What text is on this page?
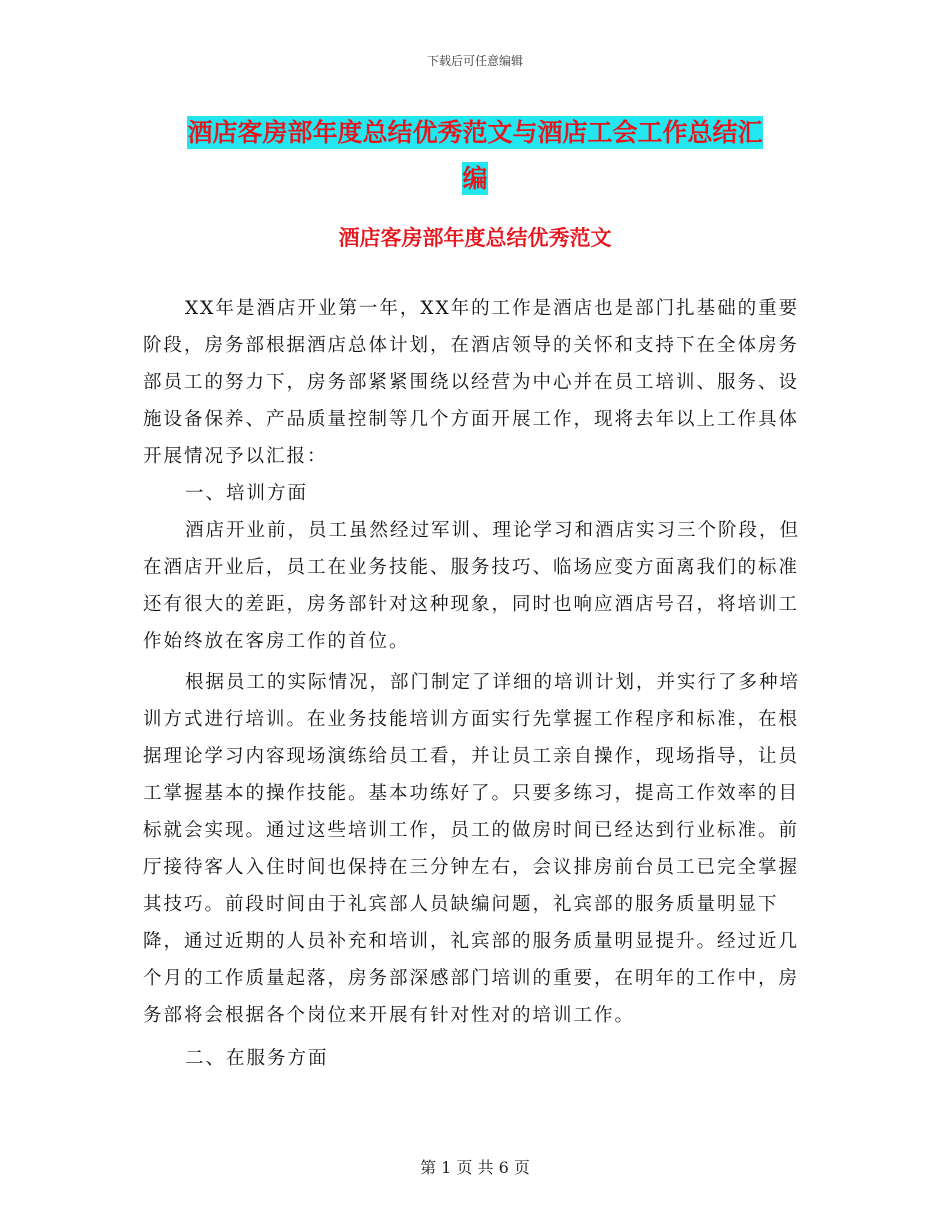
下载后可任意编辑
酒店客房部年度总结优秀范文与酒店工会工作总结汇
编
酒店客房部年度总结优秀范文

XX年是酒店开业第一年，XX年的工作是酒店也是部门扎基础的重要阶段，房务部根据酒店总体计划，在酒店领导的关怀和支持下在全体房务部员工的努力下，房务部紧紧围绕以经营为中心并在员工培训、服务、设施设备保养、产品质量控制等几个方面开展工作，现将去年以上工作具体开展情况予以汇报：

一、培训方面

酒店开业前，员工虽然经过军训、理论学习和酒店实习三个阶段，但在酒店开业后，员工在业务技能、服务技巧、临场应变方面离我们的标准还有很大的差距，房务部针对这种现象，同时也响应酒店号召，将培训工作始终放在客房工作的首位。

根据员工的实际情况，部门制定了详细的培训计划，并实行了多种培训方式进行培训。在业务技能培训方面实行先掌握工作程序和标准，在根据理论学习内容现场演练给员工看，并让员工亲自操作，现场指导，让员工掌握基本的操作技能。基本功练好了。只要多练习，提高工作效率的目标就会实现。通过这些培训工作，员工的做房时间已经达到行业标准。前厅接待客人入住时间也保持在三分钟左右，会议排房前台员工已完全掌握其技巧。前段时间由于礼宾部人员缺编问题，礼宾部的服务质量明显下降，通过近期的人员补充和培训，礼宾部的服务质量明显提升。经过近几个月的工作质量起落，房务部深感部门培训的重要，在明年的工作中，房务部将会根据各个岗位来开展有针对性对的培训工作。

二、在服务方面

第 1 页 共 6 页
